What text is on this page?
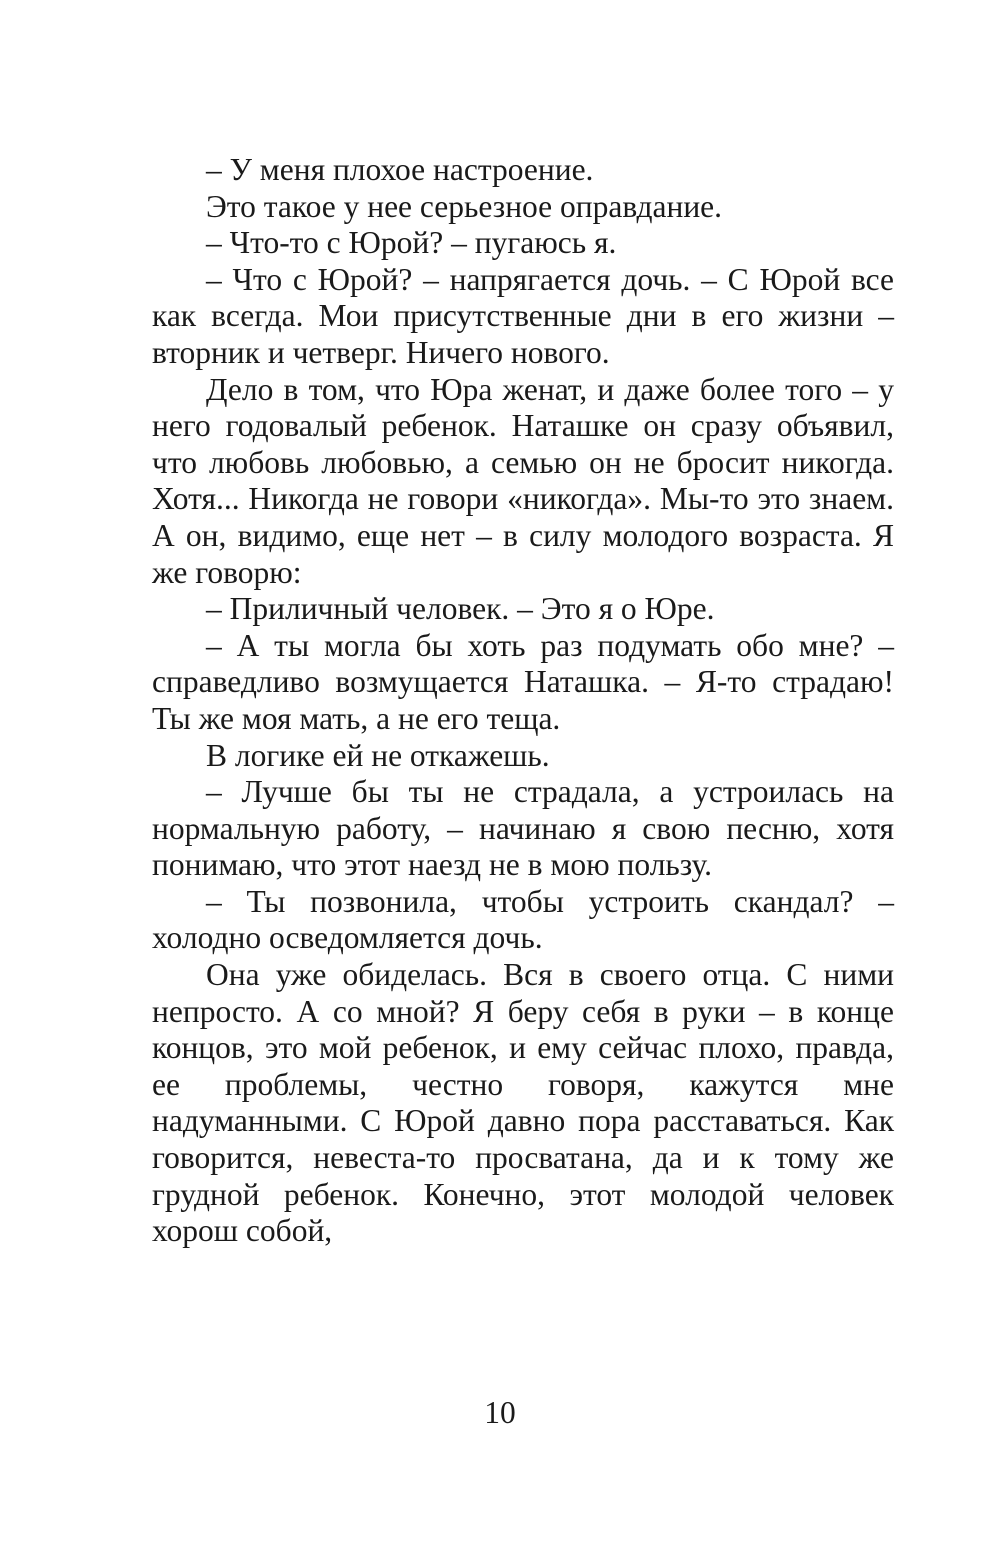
– У меня плохое настроение.

Это такое у нее серьезное оправдание.

– Что-то с Юрой? – пугаюсь я.

– Что с Юрой? – напрягается дочь. – С Юрой все как всегда. Мои присутственные дни в его жизни – вторник и четверг. Ничего нового.

Дело в том, что Юра женат, и даже более того – у него годовалый ребенок. Наташке он сразу объявил, что любовь любовью, а семью он не бросит никогда. Хотя... Никогда не говори «никогда». Мы-то это знаем. А он, видимо, еще нет – в силу молодого возраста. Я же говорю:

– Приличный человек. – Это я о Юре.

– А ты могла бы хоть раз подумать обо мне? – справедливо возмущается Наташка. – Я-то страдаю! Ты же моя мать, а не его теща.

В логике ей не откажешь.

– Лучше бы ты не страдала, а устроилась на нормальную работу, – начинаю я свою песню, хотя понимаю, что этот наезд не в мою пользу.

– Ты позвонила, чтобы устроить скандал? – холодно осведомляется дочь.

Она уже обиделась. Вся в своего отца. С ними непросто. А со мной? Я беру себя в руки – в конце концов, это мой ребенок, и ему сейчас плохо, правда, ее проблемы, честно говоря, кажутся мне надуманными. С Юрой давно пора расставаться. Как говорится, невеста-то просватана, да и к тому же грудной ребенок. Конечно, этот молодой человек хорош собой,

10
